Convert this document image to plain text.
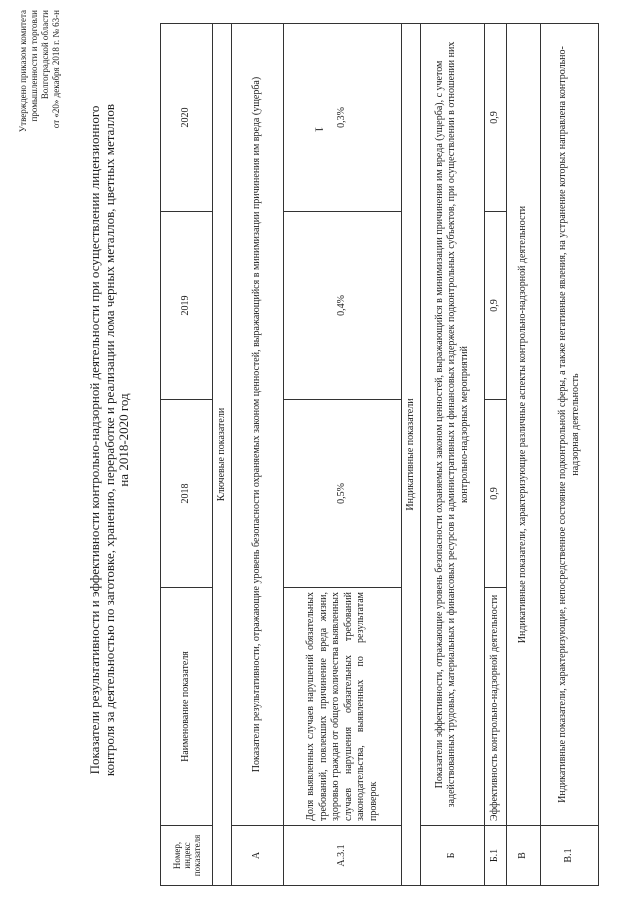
1
Утверждено приказом комитета промышленности и торговли Волгоградской области от «20» декабря 2018 г. № 63-н
Показатели результативности и эффективности контрольно-надзорной деятельности при осуществлении лицензионного контроля за деятельностью по заготовке, хранению, переработке и реализации лома черных металлов, цветных металлов на 2018-2020 год
Номер, индекс показателя	Наименование показателя	2018	2019	2020
Ключевые показатели				
А	Показатели результативности, отражающие уровень безопасности охраняемых законом ценностей, выражающийся в минимизации причинения им вреда (ущерба)			
А.3.1	Доля выявленных случаев нарушений обязательных требований, повлекших причинение вреда жизни, здоровью граждан от общего количества выявленных случаев нарушения обязательных требований законодательства, выявленных по результатам проверок	0,5%	0,4%	0,3%
Индикативные показатели				
Б	Показатели эффективности, отражающие уровень безопасности охраняемых законом ценностей, выражающийся в минимизации причинения им вреда (ущерба), с учетом задействованных трудовых, материальных и финансовых ресурсов и административных и финансовых издержек подконтрольных субъектов, при осуществлении в отношении них контрольно-надзорных мероприятий			
Б.1	Эффективность контрольно-надзорной деятельности	0,9	0,9	0,9
В	Индикативные показатели, характеризующие различные аспекты контрольно-надзорной деятельности			
В.1	Индикативные показатели, характеризующие, непосредственное состояние подконтрольной сферы, а также негативные явления, на устранение которых направлена контрольно-надзорная деятельность			
